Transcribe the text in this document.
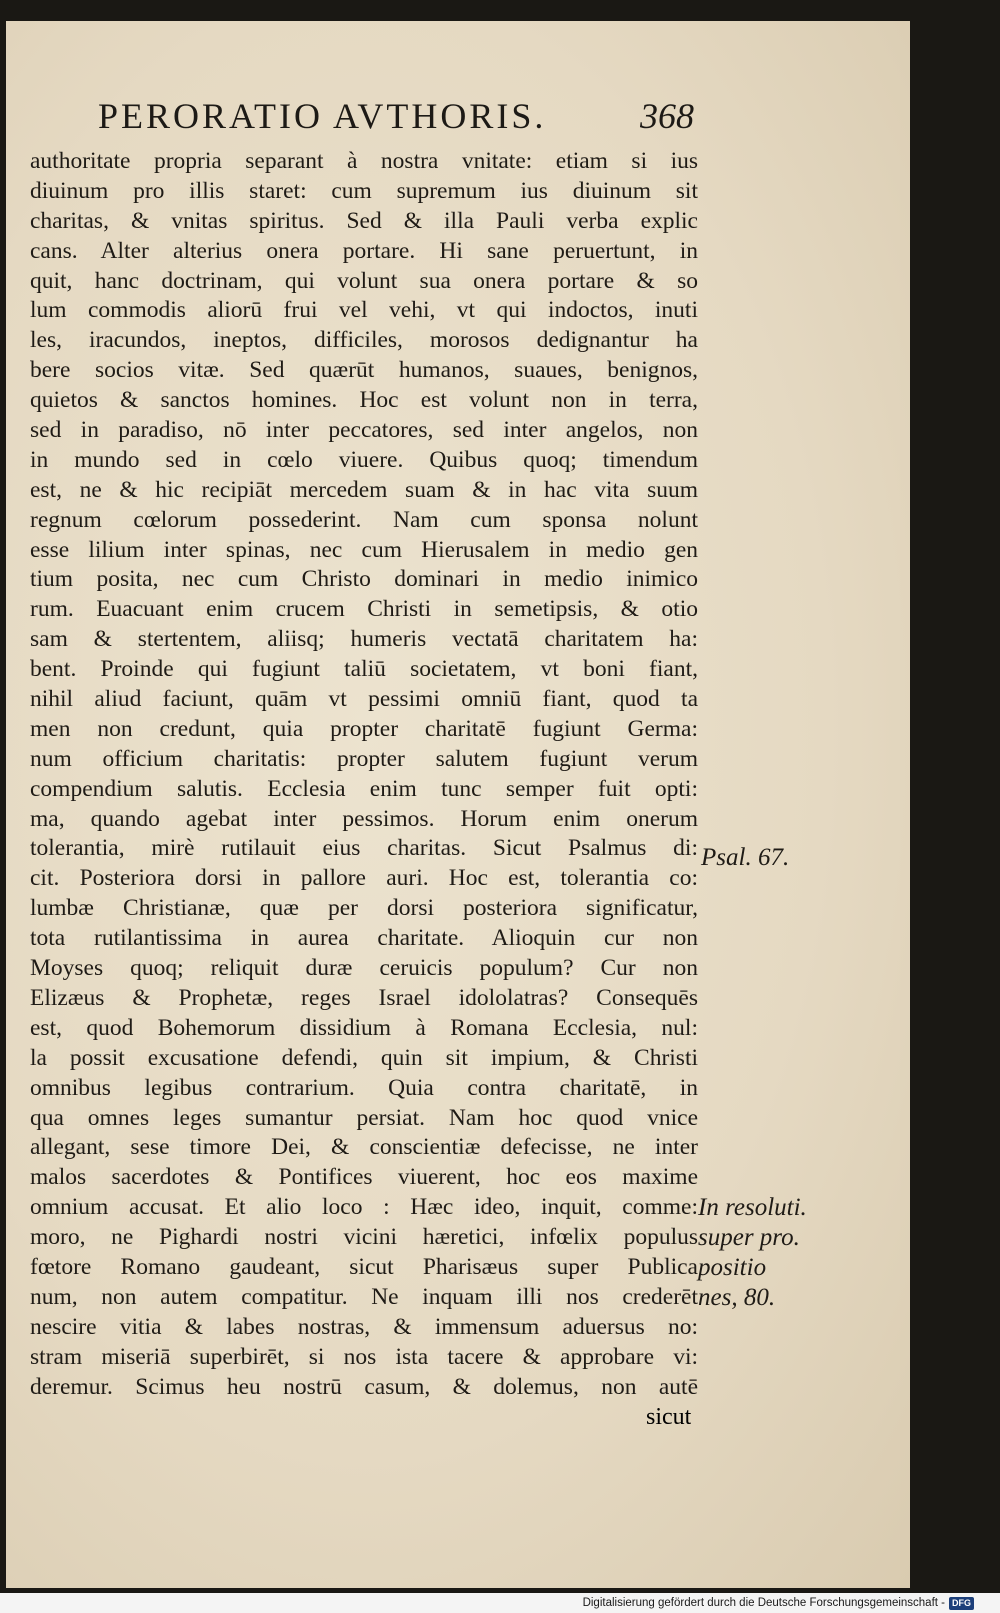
PERORATIO AVTHORIS.	368
authoritate propria separant à nostra vnitate: etiam si ius
diuinum pro illis staret: cum supremum ius diuinum sit
charitas, & vnitas spiritus. Sed & illa Pauli verba explic
cans. Alter alterius onera portare. Hi sane peruertunt, in
quit, hanc doctrinam, qui volunt sua onera portare & so
lum commodis aliorū frui vel vehi, vt qui indoctos, inuti
les, iracundos, ineptos, difficiles, morosos dedignantur ha
bere socios vitæ. Sed quærūt humanos, suaues, benignos,
quietos & sanctos homines. Hoc est volunt non in terra,
sed in paradiso, nō inter peccatores, sed inter angelos, non
in mundo sed in cœlo viuere. Quibus quoq; timendum
est, ne & hic recipiāt mercedem suam & in hac vita suum
regnum cœlorum possederint. Nam cum sponsa nolunt
esse lilium inter spinas, nec cum Hierusalem in medio gen
tium posita, nec cum Christo dominari in medio inimico
rum. Euacuant enim crucem Christi in semetipsis, & otio
sam & stertentem, aliisq; humeris vectatā charitatem ha:
bent. Proinde qui fugiunt taliū societatem, vt boni fiant,
nihil aliud faciunt, quām vt pessimi omniū fiant, quod ta
men non credunt, quia propter charitatē fugiunt Germa:
num officium charitatis: propter salutem fugiunt verum
compendium salutis. Ecclesia enim tunc semper fuit opti:
ma, quando agebat inter pessimos. Horum enim onerum
tolerantia, mirè rutilauit eius charitas. Sicut Psalmus di:
cit. Posteriora dorsi in pallore auri. Hoc est, tolerantia co:
lumbæ Christianæ, quæ per dorsi posteriora significatur,
tota rutilantissima in aurea charitate. Alioquin cur non
Moyses quoq; reliquit duræ ceruicis populum? Cur non
Elizæus & Prophetæ, reges Israel idololatras? Consequēs
est, quod Bohemorum dissidium à Romana Ecclesia, nul:
la possit excusatione defendi, quin sit impium, & Christi
omnibus legibus contrarium. Quia contra charitatē, in
qua omnes leges sumantur persiat. Nam hoc quod vnice
allegant, sese timore Dei, & conscientiæ defecisse, ne inter
malos sacerdotes & Pontifices viuerent, hoc eos maxime
omnium accusat. Et alio loco : Hæc ideo, inquit, comme:
moro, ne Pighardi nostri vicini hæretici, infœlix populus
fœtore Romano gaudeant, sicut Pharisæus super Publica
num, non autem compatitur. Ne inquam illi nos crederēt
nescire vitia & labes nostras, & immensum aduersus no:
stram miseriā superbirēt, si nos ista tacere & approbare vi:
deremur. Scimus heu nostrū casum, & dolemus, non autē
sicut
Psal. 67.
In resoluti.
super pro.
positio
nes, 80.
Digitalisierung gefördert durch die Deutsche Forschungsgemeinschaft - DFG
